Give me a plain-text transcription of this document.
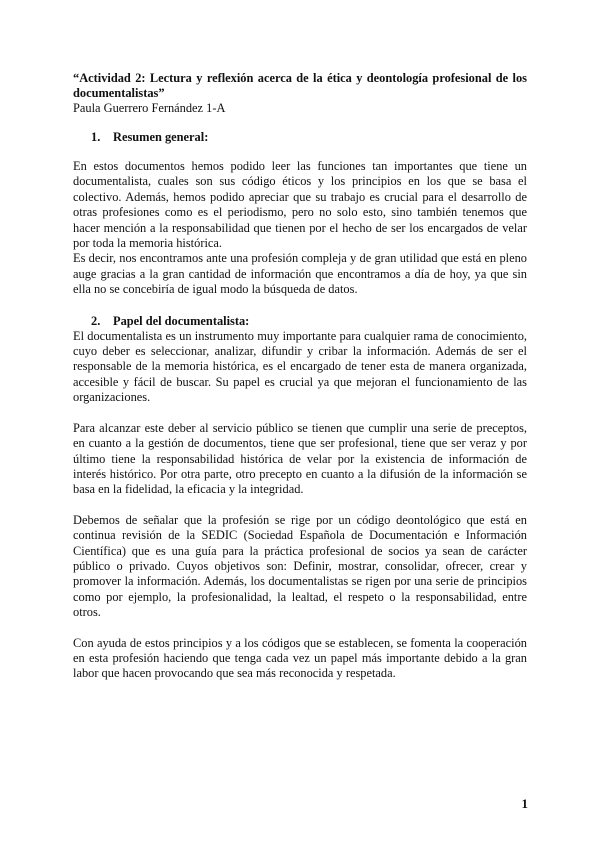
“Actividad 2: Lectura y reflexión acerca de la ética y deontología profesional de los documentalistas”

Paula Guerrero Fernández 1-A

1. Resumen general:

En estos documentos hemos podido leer las funciones tan importantes que tiene un documentalista, cuales son sus código éticos y los principios en los que se basa el colectivo. Además, hemos podido apreciar que su trabajo es crucial para el desarrollo de otras profesiones como es el periodismo, pero no solo esto, sino también tenemos que hacer mención a la responsabilidad que tienen por el hecho de ser los encargados de velar por toda la memoria histórica.

Es decir, nos encontramos ante una profesión compleja y de gran utilidad que está en pleno auge gracias a la gran cantidad de información que encontramos a día de hoy, ya que sin ella no se concebiría de igual modo la búsqueda de datos.

2. Papel del documentalista:

El documentalista es un instrumento muy importante para cualquier rama de conocimiento, cuyo deber es seleccionar, analizar, difundir y cribar la información. Además de ser el responsable de la memoria histórica, es el encargado de tener esta de manera organizada, accesible y fácil de buscar. Su papel es crucial ya que mejoran el funcionamiento de las organizaciones.

Para alcanzar este deber al servicio público se tienen que cumplir una serie de preceptos, en cuanto a la gestión de documentos, tiene que ser profesional, tiene que ser veraz y por último tiene la responsabilidad histórica de velar por la existencia de información de interés histórico. Por otra parte, otro precepto en cuanto a la difusión de la información se basa en la fidelidad, la eficacia y la integridad.

Debemos de señalar que la profesión se rige por un código deontológico que está en continua revisión de la SEDIC (Sociedad Española de Documentación e Información Científica) que es una guía para la práctica profesional de socios ya sean de carácter público o privado. Cuyos objetivos son: Definir, mostrar, consolidar, ofrecer, crear y promover la información. Además, los documentalistas se rigen por una serie de principios como por ejemplo, la profesionalidad, la lealtad, el respeto o la responsabilidad, entre otros.

Con ayuda de estos principios y a los códigos que se establecen, se fomenta la cooperación en esta profesión haciendo que tenga cada vez un papel más importante debido a la gran labor que hacen provocando que sea más reconocida y respetada.

1
